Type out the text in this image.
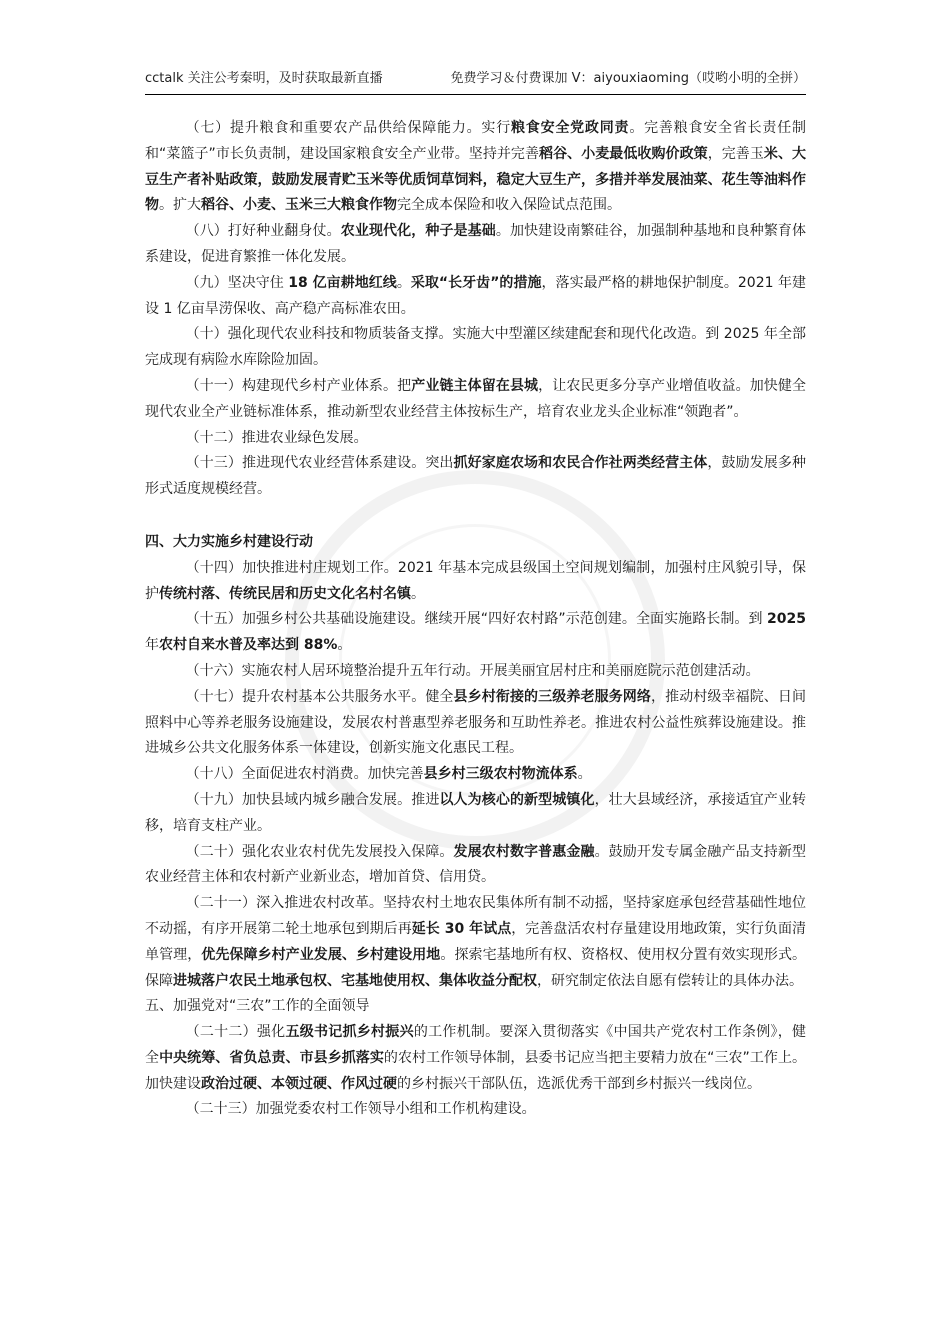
cctalk 关注公考秦明，及时获取最新直播	免费学习＆付费课加 V：aiyouxiaoming（哎哟小明的全拼）

（七）提升粮食和重要农产品供给保障能力。实行粮食安全党政同责。完善粮食安全省长责任制和“菜篮子”市长负责制，建设国家粮食安全产业带。坚持并完善稻谷、小麦最低收购价政策，完善玉米、大豆生产者补贴政策，鼓励发展青贮玉米等优质饲草饲料，稳定大豆生产，多措并举发展油菜、花生等油料作物。扩大稻谷、小麦、玉米三大粮食作物完全成本保险和收入保险试点范围。

（八）打好种业翻身仗。农业现代化，种子是基础。加快建设南繁硅谷，加强制种基地和良种繁育体系建设，促进育繁推一体化发展。

（九）坚决守住 18 亿亩耕地红线。采取“长牙齿”的措施，落实最严格的耕地保护制度。2021 年建设 1 亿亩旱涝保收、高产稳产高标准农田。

（十）强化现代农业科技和物质装备支撑。实施大中型灌区续建配套和现代化改造。到 2025 年全部完成现有病险水库除险加固。

（十一）构建现代乡村产业体系。把产业链主体留在县城，让农民更多分享产业增值收益。加快健全现代农业全产业链标准体系，推动新型农业经营主体按标生产，培育农业龙头企业标准“领跑者”。

（十二）推进农业绿色发展。

（十三）推进现代农业经营体系建设。突出抓好家庭农场和农民合作社两类经营主体，鼓励发展多种形式适度规模经营。

四、大力实施乡村建设行动

（十四）加快推进村庄规划工作。2021 年基本完成县级国土空间规划编制，加强村庄风貌引导，保护传统村落、传统民居和历史文化名村名镇。

（十五）加强乡村公共基础设施建设。继续开展“四好农村路”示范创建。全面实施路长制。到 2025 年农村自来水普及率达到 88%。

（十六）实施农村人居环境整治提升五年行动。开展美丽宜居村庄和美丽庭院示范创建活动。

（十七）提升农村基本公共服务水平。健全县乡村衔接的三级养老服务网络，推动村级幸福院、日间照料中心等养老服务设施建设，发展农村普惠型养老服务和互助性养老。推进农村公益性殡葬设施建设。推进城乡公共文化服务体系一体建设，创新实施文化惠民工程。

（十八）全面促进农村消费。加快完善县乡村三级农村物流体系。

（十九）加快县域内城乡融合发展。推进以人为核心的新型城镇化，壮大县域经济，承接适宜产业转移，培育支柱产业。

（二十）强化农业农村优先发展投入保障。发展农村数字普惠金融。鼓励开发专属金融产品支持新型农业经营主体和农村新产业新业态，增加首贷、信用贷。

（二十一）深入推进农村改革。坚持农村土地农民集体所有制不动摇，坚持家庭承包经营基础性地位不动摇，有序开展第二轮土地承包到期后再延长 30 年试点，完善盘活农村存量建设用地政策，实行负面清单管理，优先保障乡村产业发展、乡村建设用地。探索宅基地所有权、资格权、使用权分置有效实现形式。保障进城落户农民土地承包权、宅基地使用权、集体收益分配权，研究制定依法自愿有偿转让的具体办法。

五、加强党对“三农”工作的全面领导

（二十二）强化五级书记抓乡村振兴的工作机制。要深入贯彻落实《中国共产党农村工作条例》，健全中央统筹、省负总责、市县乡抓落实的农村工作领导体制，县委书记应当把主要精力放在“三农”工作上。加快建设政治过硬、本领过硬、作风过硬的乡村振兴干部队伍，选派优秀干部到乡村振兴一线岗位。

（二十三）加强党委农村工作领导小组和工作机构建设。
